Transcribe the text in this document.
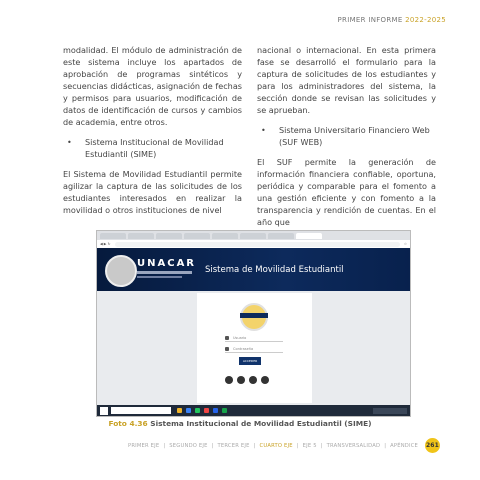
PRIMER INFORME 2022-2025

modalidad. El módulo de administración de este sistema incluye los apartados de aprobación de programas sintéticos y secuencias didácticas, asignación de fechas y permisos para usuarios, modificación de datos de identificación de cursos y cambios de academia, entre otros.

•	Sistema Institucional de Movilidad Estudiantil (SIME)

El Sistema de Movilidad Estudiantil permite agilizar la captura de las solicitudes de los estudiantes interesados en realizar la movilidad o otros instituciones de nivel

nacional o internacional. En esta primera fase se desarrolló el formulario para la captura de solicitudes de los estudiantes y para los administradores del sistema, la sección donde se revisan las solicitudes y se aprueban.

•	Sistema Universitario Financiero Web (SUF WEB)

El SUF permite la generación de información financiera confiable, oportuna, periódica y comparable para el fomento a una gestión eficiente y con fomento a la transparencia y rendición de cuentas. En el año que

◀ ▶ ↻	☆
UNACAR
Sistema de Movilidad Estudiantil
Usuario
Contraseña
ACCEDER
Foto 4.36 Sistema Institucional de Movilidad Estudiantil (SIME)
PRIMER EJE | SEGUNDO EJE | TERCER EJE | CUARTO EJE | EJE 5 | TRANSVERSALIDAD | APÉNDICE 261
